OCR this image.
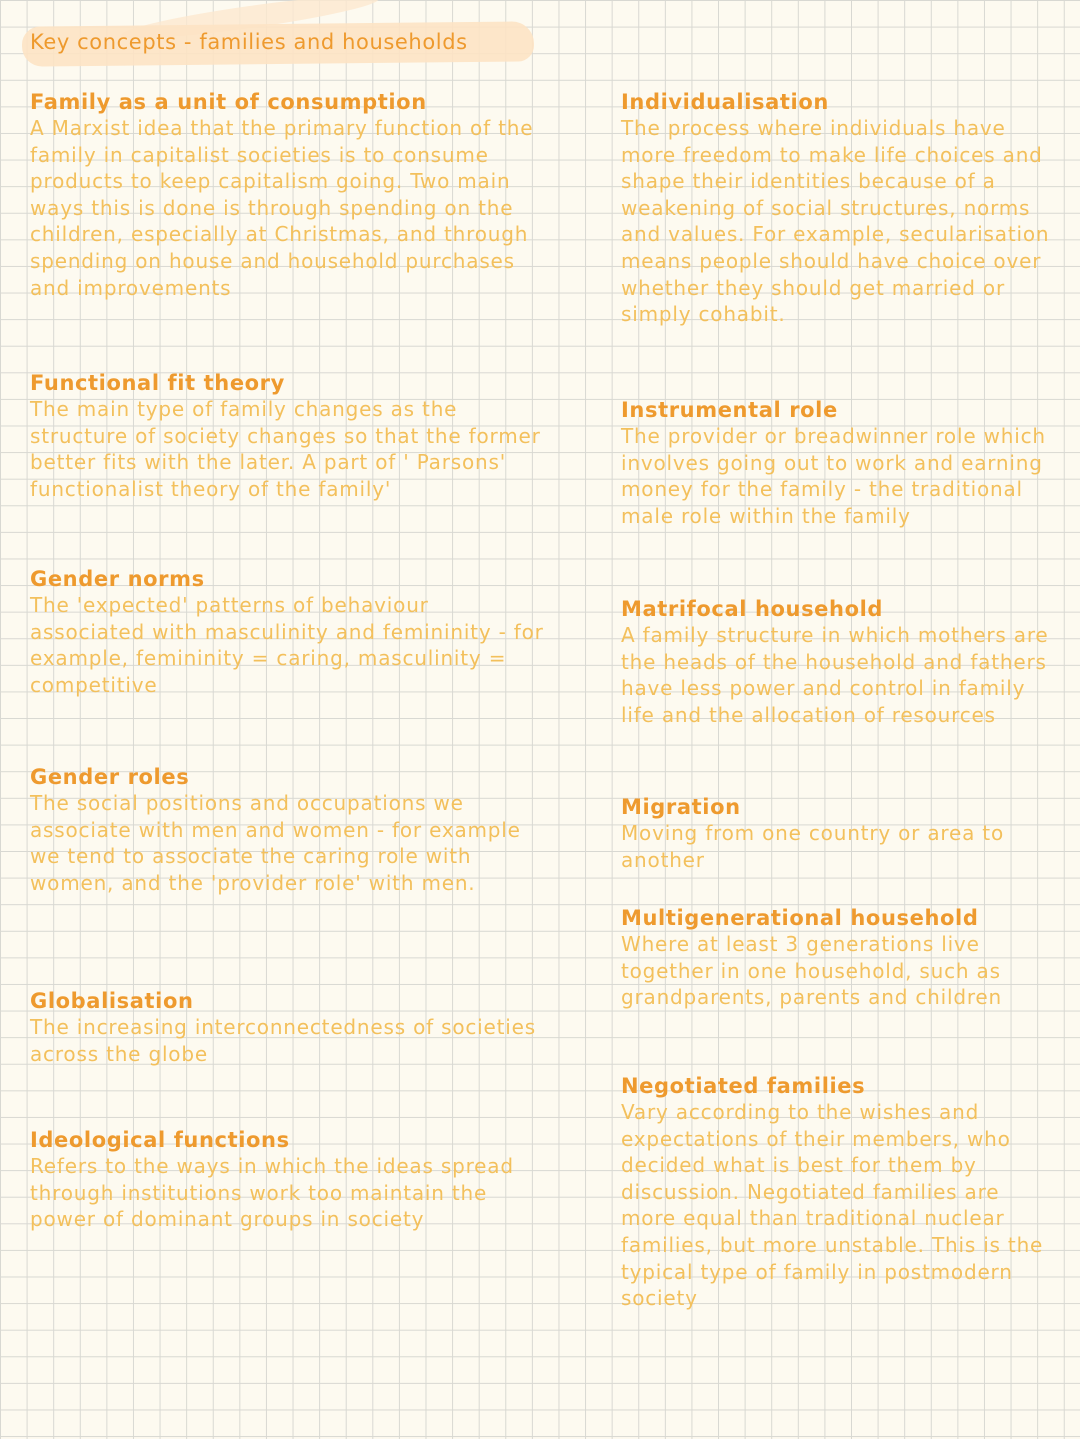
Key concepts - families and households
Family as a unit of consumption

A Marxist idea that the primary function of the family in capitalist societies is to consume products to keep capitalism going. Two main ways this is done is through spending on the children, especially at Christmas, and through spending on house and household purchases and improvements

Functional fit theory

The main type of family changes as the structure of society changes so that the former better fits with the later. A part of ' Parsons' functionalist theory of the family'

Gender norms

The 'expected' patterns of behaviour associated with masculinity and femininity - for example, femininity = caring, masculinity = competitive

Gender roles

The social positions and occupations we associate with men and women - for example we tend to associate the caring role with women, and the 'provider role' with men.

Globalisation

The increasing interconnectedness of societies across the globe

Ideological functions

Refers to the ways in which the ideas spread through institutions work too maintain the power of dominant groups in society

Individualisation

The process where individuals have more freedom to make life choices and shape their identities because of a weakening of social structures, norms and values. For example, secularisation means people should have choice over whether they should get married or simply cohabit.

Instrumental role

The provider or breadwinner role which involves going out to work and earning money for the family - the traditional male role within the family

Matrifocal household

A family structure in which mothers are the heads of the household and fathers have less power and control in family life and the allocation of resources

Migration

Moving from one country or area to another

Multigenerational household

Where at least 3 generations live together in one household, such as grandparents, parents and children

Negotiated families

Vary according to the wishes and expectations of their members, who decided what is best for them by discussion. Negotiated families are more equal than traditional nuclear families, but more unstable. This is the typical type of family in postmodern society
